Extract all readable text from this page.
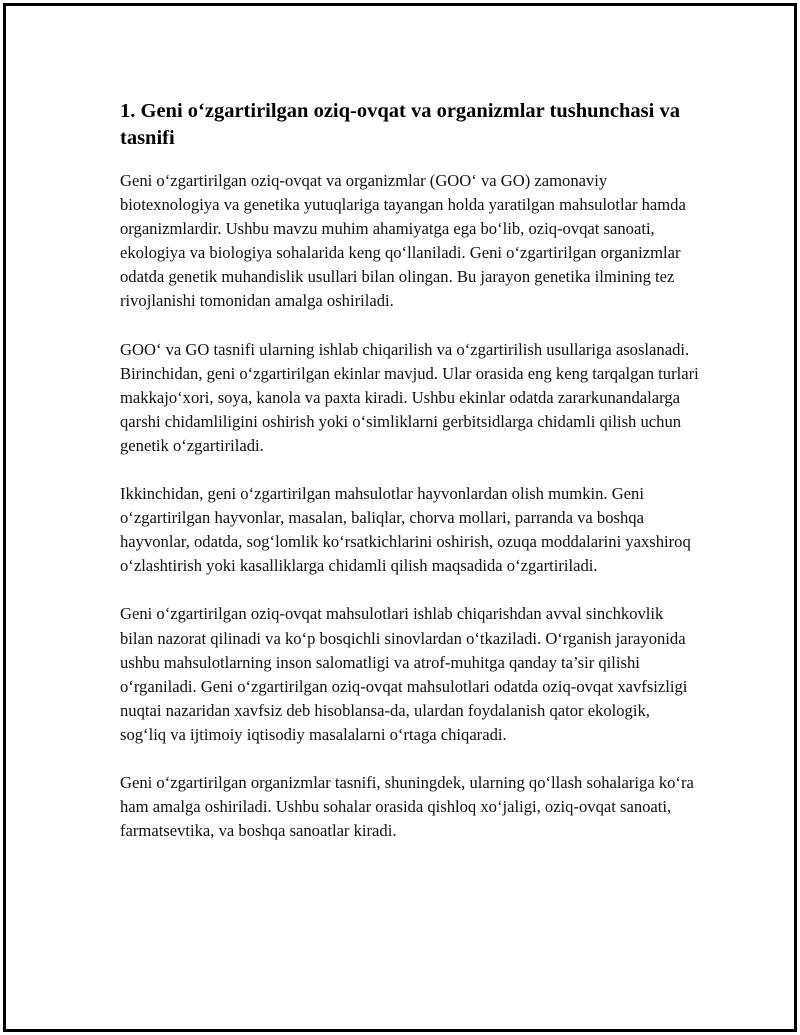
1. Geni o‘zgartirilgan oziq-ovqat va organizmlar tushunchasi va tasnifi

Geni o‘zgartirilgan oziq-ovqat va organizmlar (GOO‘ va GO) zamonaviy biotexnologiya va genetika yutuqlariga tayangan holda yaratilgan mahsulotlar hamda organizmlardir. Ushbu mavzu muhim ahamiyatga ega bo‘lib, oziq-ovqat sanoati, ekologiya va biologiya sohalarida keng qo‘llaniladi. Geni o‘zgartirilgan organizmlar odatda genetik muhandislik usullari bilan olingan. Bu jarayon genetika ilmining tez rivojlanishi tomonidan amalga oshiriladi.

GOO‘ va GO tasnifi ularning ishlab chiqarilish va o‘zgartirilish usullariga asoslanadi. Birinchidan, geni o‘zgartirilgan ekinlar mavjud. Ular orasida eng keng tarqalgan turlari makkajo‘xori, soya, kanola va paxta kiradi. Ushbu ekinlar odatda zararkunandalarga qarshi chidamliligini oshirish yoki o‘simliklarni gerbitsidlarga chidamli qilish uchun genetik o‘zgartiriladi.

Ikkinchidan, geni o‘zgartirilgan mahsulotlar hayvonlardan olish mumkin. Geni o‘zgartirilgan hayvonlar, masalan, baliqlar, chorva mollari, parranda va boshqa hayvonlar, odatda, sog‘lomlik ko‘rsatkichlarini oshirish, ozuqa moddalarini yaxshiroq o‘zlashtirish yoki kasalliklarga chidamli qilish maqsadida o‘zgartiriladi.

Geni o‘zgartirilgan oziq-ovqat mahsulotlari ishlab chiqarishdan avval sinchkovlik bilan nazorat qilinadi va ko‘p bosqichli sinovlardan o‘tkaziladi. O‘rganish jarayonida ushbu mahsulotlarning inson salomatligi va atrof-muhitga qanday ta’sir qilishi o‘rganiladi. Geni o‘zgartirilgan oziq-ovqat mahsulotlari odatda oziq-ovqat xavfsizligi nuqtai nazaridan xavfsiz deb hisoblansa-da, ulardan foydalanish qator ekologik, sog‘liq va ijtimoiy iqtisodiy masalalarni o‘rtaga chiqaradi.

Geni o‘zgartirilgan organizmlar tasnifi, shuningdek, ularning qo‘llash sohalariga ko‘ra ham amalga oshiriladi. Ushbu sohalar orasida qishloq xo‘jaligi, oziq-ovqat sanoati, farmatsevtika, va boshqa sanoatlar kiradi.
